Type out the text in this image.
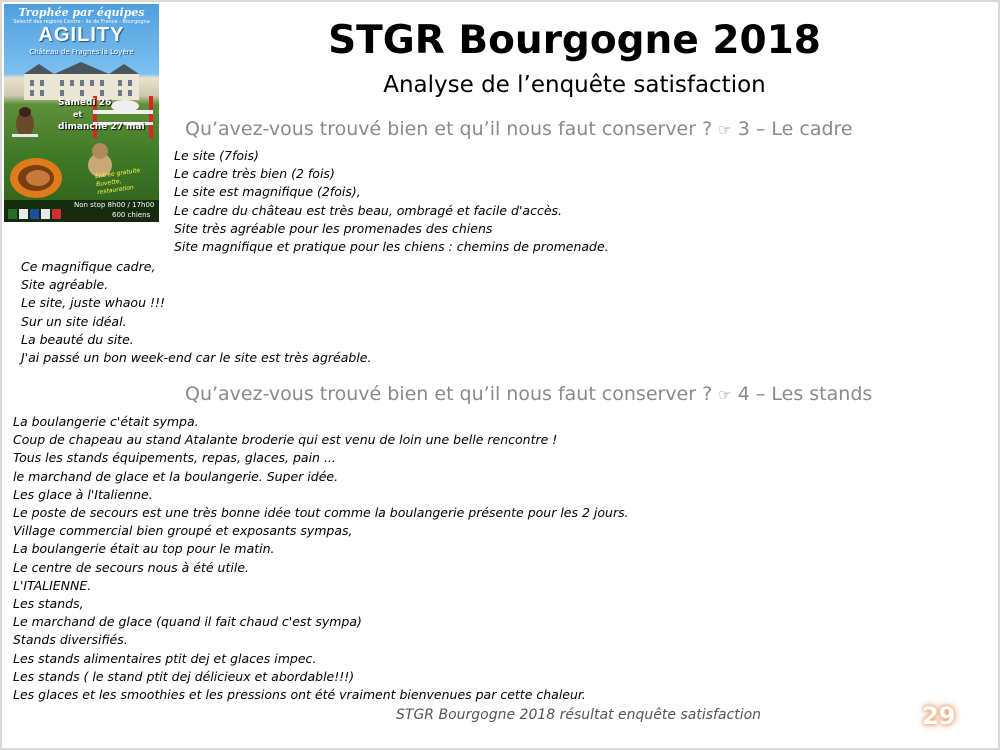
Trophée par équipes
Sélectif des régions Centre - Ile de France - Bourgogne
AGILITY
Château de Fragnes la Loyère
Samedi 26
et
dimanche 27 mai
Entrée gratuite Buvette, restauration
Non stop 8h00 / 17h00
600 chiens
STGR Bourgogne 2018
Analyse de l’enquête satisfaction
Qu’avez-vous trouvé bien et qu’il nous faut conserver ? ☞ 3 – Le cadre
Le site (7fois)
Le cadre très bien (2 fois)
Le site est magnifique (2fois),
Le cadre du château est très beau, ombragé et facile d'accès.
Site très agréable pour les promenades des chiens
Site magnifique et pratique pour les chiens : chemins de promenade.
Ce magnifique cadre,
Site agréable.
Le site, juste whaou !!!
Sur un site idéal.
La beauté du site.
J'ai passé un bon week-end car le site est très agréable.
Qu’avez-vous trouvé bien et qu’il nous faut conserver ? ☞ 4 – Les stands
La boulangerie c'était sympa.
Coup de chapeau au stand Atalante broderie qui est venu de loin une belle rencontre !
Tous les stands équipements, repas, glaces, pain ...
le marchand de glace et la boulangerie. Super idée.
Les glace à l'Italienne.
Le poste de secours est une très bonne idée tout comme la boulangerie présente pour les 2 jours.
Village commercial bien groupé et exposants sympas,
La boulangerie était au top pour le matin.
Le centre de secours nous à été utile.
L'ITALIENNE.
Les stands,
Le marchand de glace (quand il fait chaud c'est sympa)
Stands diversifiés.
Les stands alimentaires ptit dej et glaces impec.
Les stands ( le stand ptit dej délicieux et abordable!!!)
Les glaces et les smoothies et les pressions ont été vraiment bienvenues par cette chaleur.
STGR Bourgogne 2018 résultat enquête satisfaction	29
